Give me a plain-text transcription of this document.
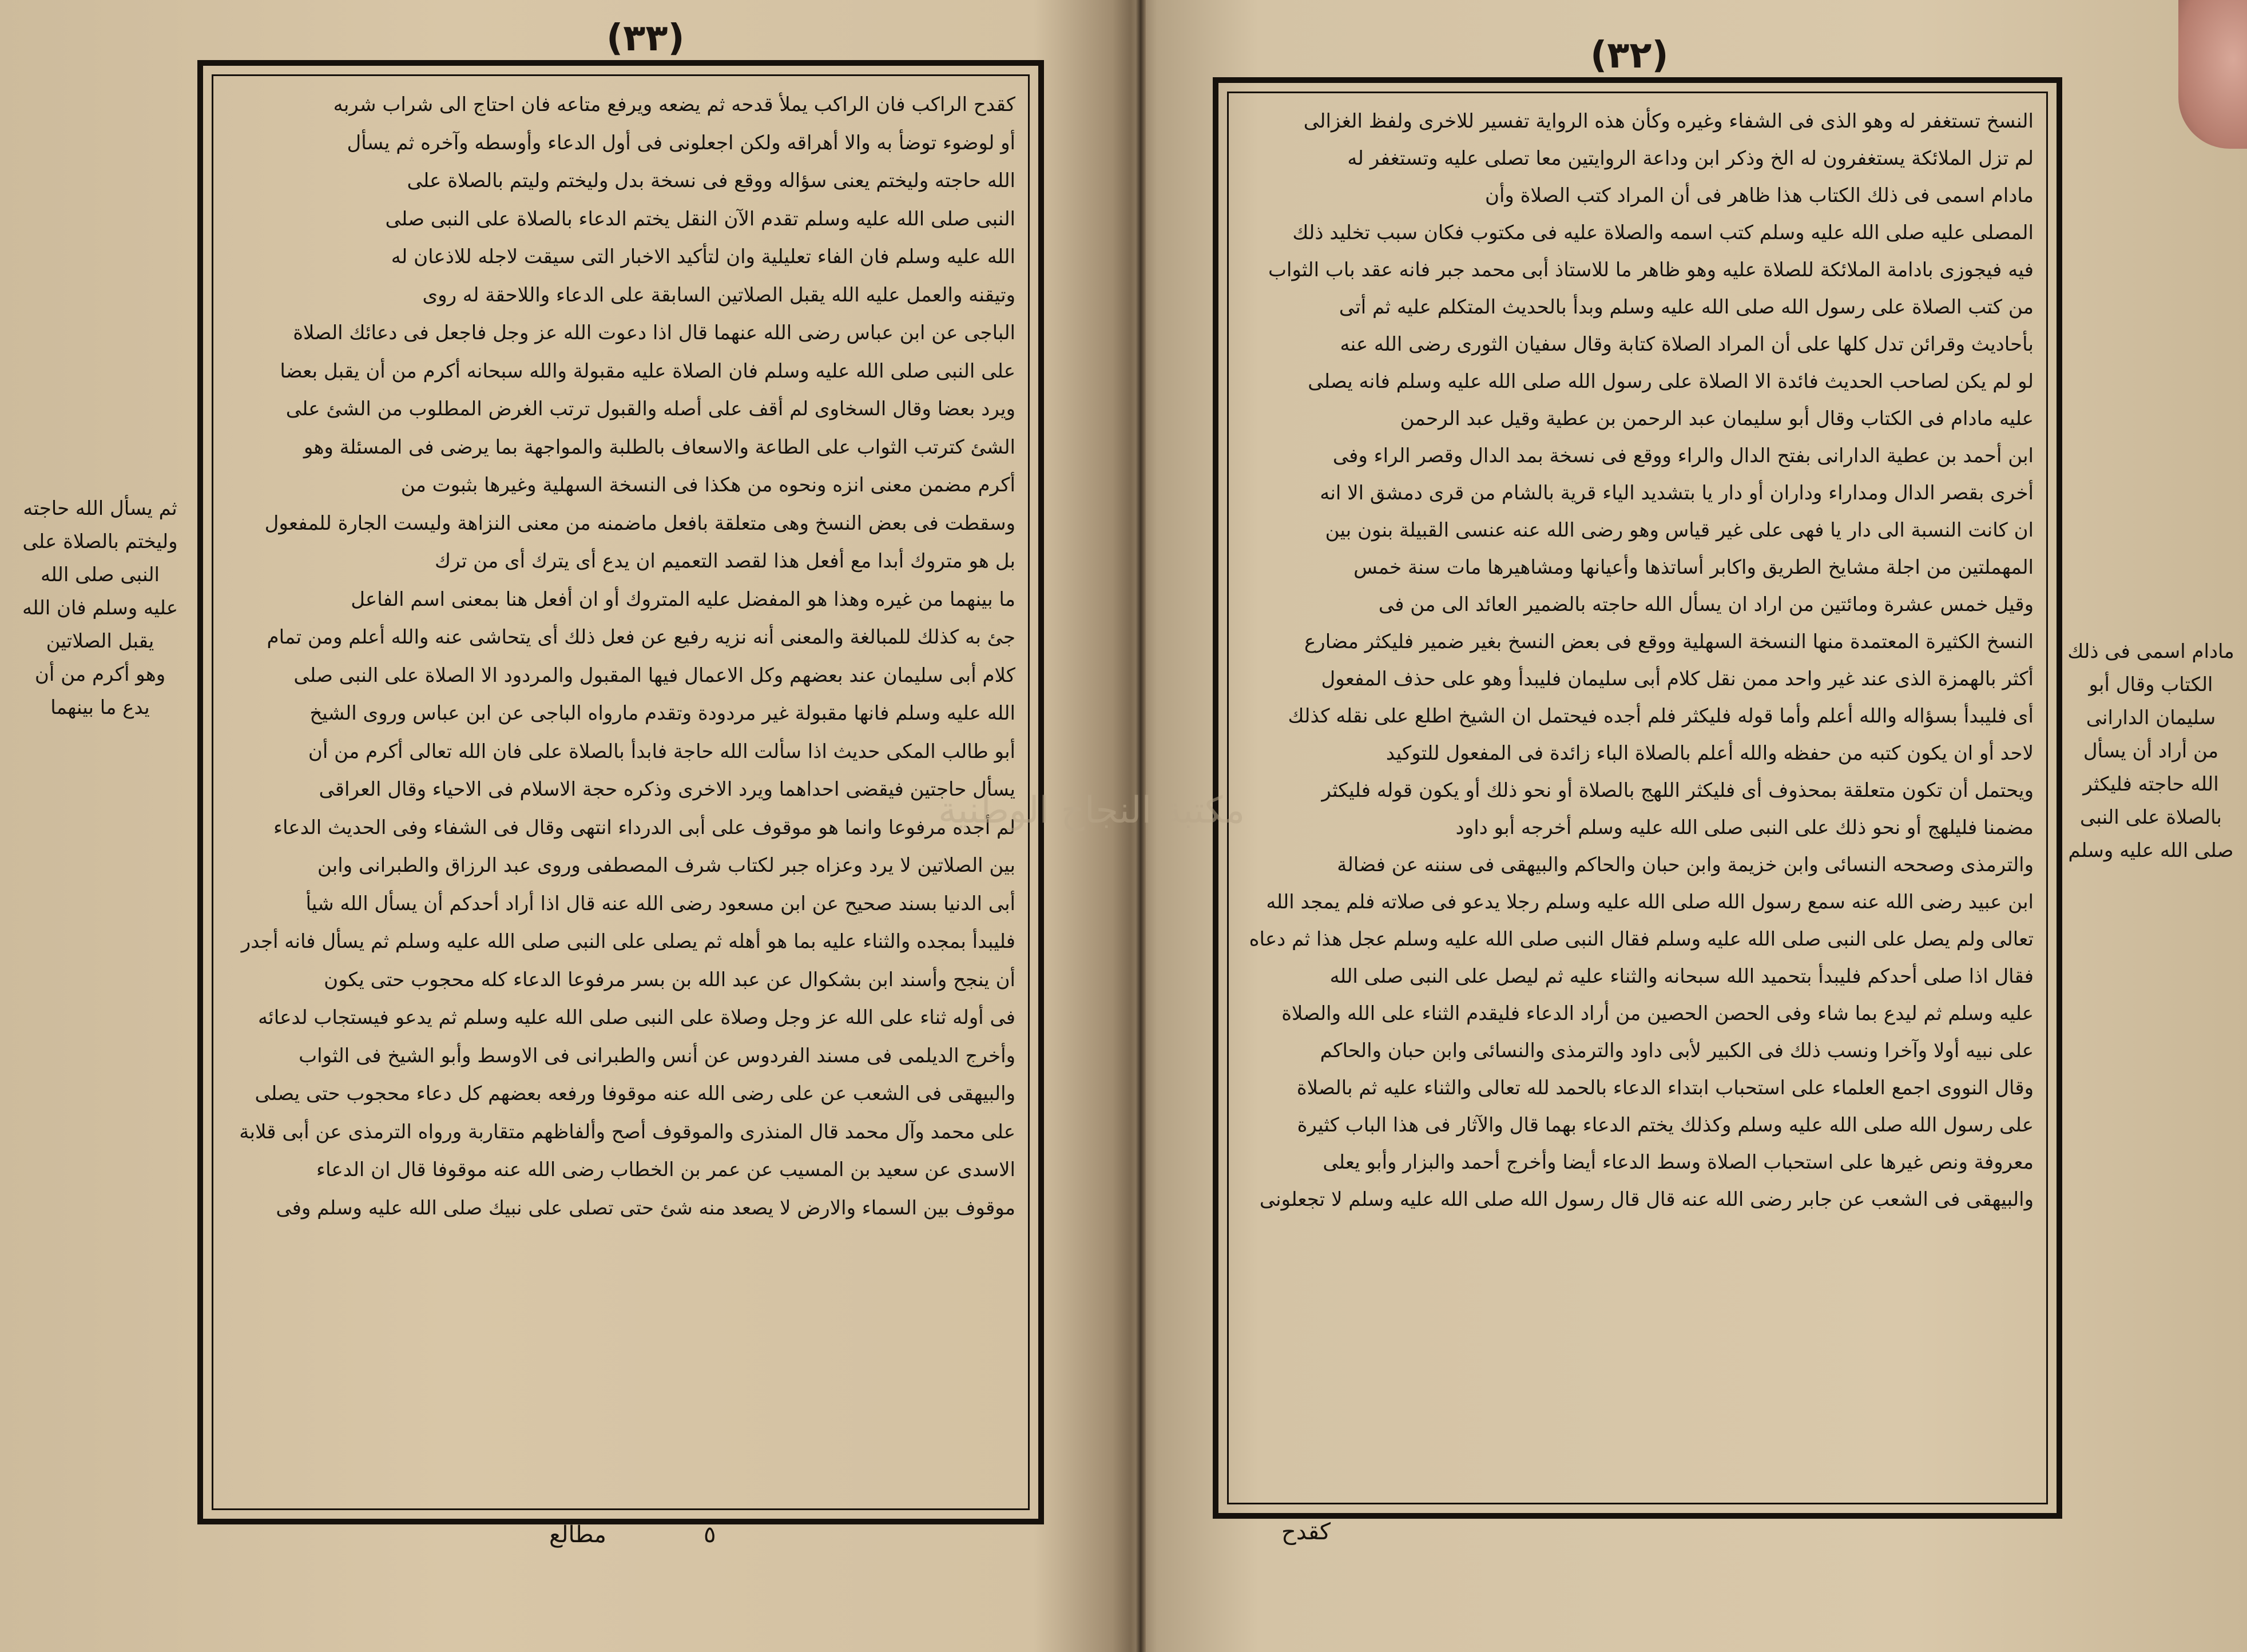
(٣٣)

كقدح الراكب فان الراكب يملأ قدحه ثم يضعه ويرفع متاعه فان احتاج الى شراب شربه

أو لوضوء توضأ به والا أهراقه ولكن اجعلونى فى أول الدعاء وأوسطه وآخره ثم يسأل

الله حاجته وليختم يعنى سؤاله ووقع فى نسخة بدل وليختم وليتم بالصلاة على

النبى صلى الله عليه وسلم تقدم الآن النقل يختم الدعاء بالصلاة على النبى صلى

الله عليه وسلم فان الفاء تعليلية وان لتأكيد الاخبار التى سيقت لاجله للاذعان له

وتيقنه والعمل عليه الله يقبل الصلاتين السابقة على الدعاء واللاحقة له روى

الباجى عن ابن عباس رضى الله عنهما قال اذا دعوت الله عز وجل فاجعل فى دعائك الصلاة

على النبى صلى الله عليه وسلم فان الصلاة عليه مقبولة والله سبحانه أكرم من أن يقبل بعضا

ويرد بعضا وقال السخاوى لم أقف على أصله والقبول ترتب الغرض المطلوب من الشئ على

الشئ كترتب الثواب على الطاعة والاسعاف بالطلبة والمواجهة بما يرضى فى المسئلة وهو

أكرم مضمن معنى انزه ونحوه من هكذا فى النسخة السهلية وغيرها بثبوت من

وسقطت فى بعض النسخ وهى متعلقة بافعل ماضمنه من معنى النزاهة وليست الجارة للمفعول

بل هو متروك أبدا مع أفعل هذا لقصد التعميم ان يدع أى يترك أى من ترك

ما بينهما من غيره وهذا هو المفضل عليه المتروك أو ان أفعل هنا بمعنى اسم الفاعل

جئ به كذلك للمبالغة والمعنى أنه نزيه رفيع عن فعل ذلك أى يتحاشى عنه والله أعلم ومن تمام

كلام أبى سليمان عند بعضهم وكل الاعمال فيها المقبول والمردود الا الصلاة على النبى صلى

الله عليه وسلم فانها مقبولة غير مردودة وتقدم مارواه الباجى عن ابن عباس وروى الشيخ

أبو طالب المكى حديث اذا سألت الله حاجة فابدأ بالصلاة على فان الله تعالى أكرم من أن

يسأل حاجتين فيقضى احداهما ويرد الاخرى وذكره حجة الاسلام فى الاحياء وقال العراقى

لم أجده مرفوعا وانما هو موقوف على أبى الدرداء انتهى وقال فى الشفاء وفى الحديث الدعاء

بين الصلاتين لا يرد وعزاه جبر لكتاب شرف المصطفى وروى عبد الرزاق والطبرانى وابن

أبى الدنيا بسند صحيح عن ابن مسعود رضى الله عنه قال اذا أراد أحدكم أن يسأل الله شيأ

فليبدأ بمجده والثناء عليه بما هو أهله ثم يصلى على النبى صلى الله عليه وسلم ثم يسأل فانه أجدر

أن ينجح وأسند ابن بشكوال عن عبد الله بن بسر مرفوعا الدعاء كله محجوب حتى يكون

فى أوله ثناء على الله عز وجل وصلاة على النبى صلى الله عليه وسلم ثم يدعو فيستجاب لدعائه

وأخرج الديلمى فى مسند الفردوس عن أنس والطبرانى فى الاوسط وأبو الشيخ فى الثواب

والبيهقى فى الشعب عن على رضى الله عنه موقوفا ورفعه بعضهم كل دعاء محجوب حتى يصلى

على محمد وآل محمد قال المنذرى والموقوف أصح وألفاظهم متقاربة ورواه الترمذى عن أبى قلابة

الاسدى عن سعيد بن المسيب عن عمر بن الخطاب رضى الله عنه موقوفا قال ان الدعاء

موقوف بين السماء والارض لا يصعد منه شئ حتى تصلى على نبيك صلى الله عليه وسلم وفى

٥
مطالع

ثم يسأل الله حاجته

وليختم بالصلاة على

النبى صلى الله

عليه وسلم فان الله

يقبل الصلاتين

وهو أكرم من أن

يدع ما بينهما

(٣٢)

النسخ تستغفر له وهو الذى فى الشفاء وغيره وكأن هذه الرواية تفسير للاخرى ولفظ الغزالى

لم تزل الملائكة يستغفرون له الخ وذكر ابن وداعة الروايتين معا تصلى عليه وتستغفر له

مادام اسمى فى ذلك الكتاب هذا ظاهر فى أن المراد كتب الصلاة وأن

المصلى عليه صلى الله عليه وسلم كتب اسمه والصلاة عليه فى مكتوب فكان سبب تخليد ذلك

فيه فيجوزى بادامة الملائكة للصلاة عليه وهو ظاهر ما للاستاذ أبى محمد جبر فانه عقد باب الثواب

من كتب الصلاة على رسول الله صلى الله عليه وسلم وبدأ بالحديث المتكلم عليه ثم أتى

بأحاديث وقرائن تدل كلها على أن المراد الصلاة كتابة وقال سفيان الثورى رضى الله عنه

لو لم يكن لصاحب الحديث فائدة الا الصلاة على رسول الله صلى الله عليه وسلم فانه يصلى

عليه مادام فى الكتاب وقال أبو سليمان عبد الرحمن بن عطية وقيل عبد الرحمن

ابن أحمد بن عطية الدارانى بفتح الدال والراء ووقع فى نسخة بمد الدال وقصر الراء وفى

أخرى بقصر الدال ومداراء وداران أو دار يا بتشديد الياء قرية بالشام من قرى دمشق الا انه

ان كانت النسبة الى دار يا فهى على غير قياس وهو رضى الله عنه عنسى القبيلة بنون بين

المهملتين من اجلة مشايخ الطريق واكابر أساتذها وأعيانها ومشاهيرها مات سنة خمس

وقيل خمس عشرة ومائتين من اراد ان يسأل الله حاجته بالضمير العائد الى من فى

النسخ الكثيرة المعتمدة منها النسخة السهلية ووقع فى بعض النسخ بغير ضمير فليكثر مضارع

أكثر بالهمزة الذى عند غير واحد ممن نقل كلام أبى سليمان فليبدأ وهو على حذف المفعول

أى فليبدأ بسؤاله والله أعلم وأما قوله فليكثر فلم أجده فيحتمل ان الشيخ اطلع على نقله كذلك

لاحد أو ان يكون كتبه من حفظه والله أعلم بالصلاة الباء زائدة فى المفعول للتوكيد

ويحتمل أن تكون متعلقة بمحذوف أى فليكثر اللهج بالصلاة أو نحو ذلك أو يكون قوله فليكثر

مضمنا فليلهج أو نحو ذلك على النبى صلى الله عليه وسلم أخرجه أبو داود

والترمذى وصححه النسائى وابن خزيمة وابن حبان والحاكم والبيهقى فى سننه عن فضالة

ابن عبيد رضى الله عنه سمع رسول الله صلى الله عليه وسلم رجلا يدعو فى صلاته فلم يمجد الله

تعالى ولم يصل على النبى صلى الله عليه وسلم فقال النبى صلى الله عليه وسلم عجل هذا ثم دعاه

فقال اذا صلى أحدكم فليبدأ بتحميد الله سبحانه والثناء عليه ثم ليصل على النبى صلى الله

عليه وسلم ثم ليدع بما شاء وفى الحصن الحصين من أراد الدعاء فليقدم الثناء على الله والصلاة

على نبيه أولا وآخرا ونسب ذلك فى الكبير لأبى داود والترمذى والنسائى وابن حبان والحاكم

وقال النووى اجمع العلماء على استحباب ابتداء الدعاء بالحمد لله تعالى والثناء عليه ثم بالصلاة

على رسول الله صلى الله عليه وسلم وكذلك يختم الدعاء بهما قال والآثار فى هذا الباب كثيرة

معروفة ونص غيرها على استحباب الصلاة وسط الدعاء أيضا وأخرج أحمد والبزار وأبو يعلى

والبيهقى فى الشعب عن جابر رضى الله عنه قال قال رسول الله صلى الله عليه وسلم لا تجعلونى

كقدح

مادام اسمى فى ذلك

الكتاب وقال أبو

سليمان الدارانى

من أراد أن يسأل

الله حاجته فليكثر

بالصلاة على النبى

صلى الله عليه وسلم

مكتبة النجاح الوطنية
